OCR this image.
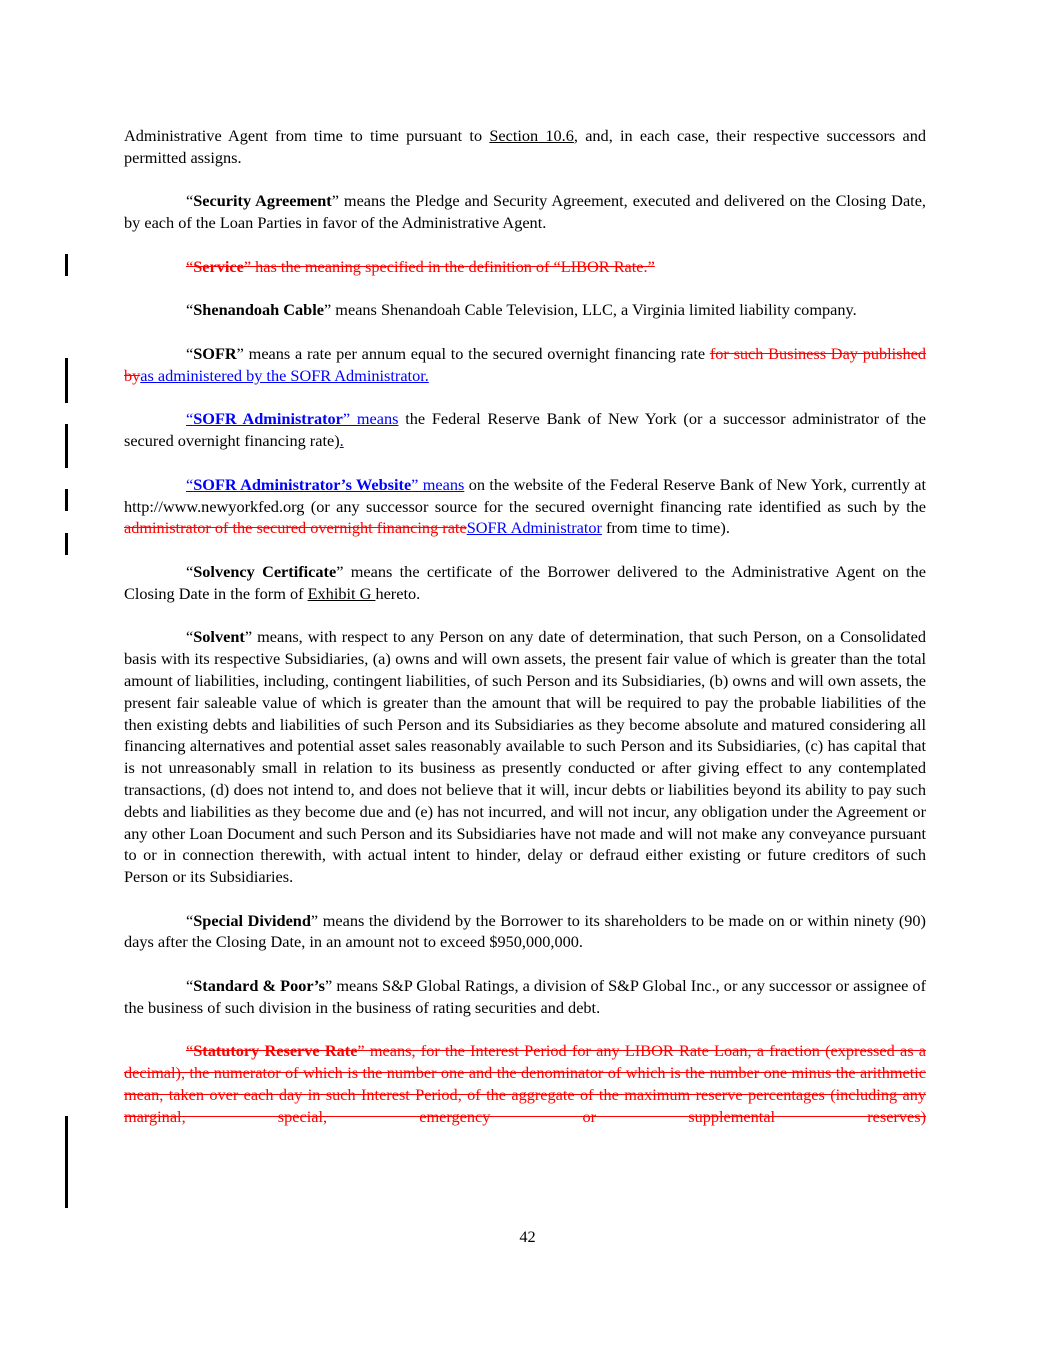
Administrative Agent from time to time pursuant to Section 10.6, and, in each case, their respective successors and permitted assigns.

“Security Agreement” means the Pledge and Security Agreement, executed and delivered on the Closing Date, by each of the Loan Parties in favor of the Administrative Agent.

“Service” has the meaning specified in the definition of “LIBOR Rate.”

“Shenandoah Cable” means Shenandoah Cable Television, LLC, a Virginia limited liability company.

“SOFR” means a rate per annum equal to the secured overnight financing rate for such Business Day published byas administered by the SOFR Administrator.

“SOFR Administrator” means the Federal Reserve Bank of New York (or a successor administrator of the secured overnight financing rate).

“SOFR Administrator’s Website” means on the website of the Federal Reserve Bank of New York, currently at http://www.newyorkfed.org (or any successor source for the secured overnight financing rate identified as such by the administrator of the secured overnight financing rateSOFR Administrator from time to time).

“Solvency Certificate” means the certificate of the Borrower delivered to the Administrative Agent on the Closing Date in the form of Exhibit G hereto.

“Solvent” means, with respect to any Person on any date of determination, that such Person, on a Consolidated basis with its respective Subsidiaries, (a) owns and will own assets, the present fair value of which is greater than the total amount of liabilities, including, contingent liabilities, of such Person and its Subsidiaries, (b) owns and will own assets, the present fair saleable value of which is greater than the amount that will be required to pay the probable liabilities of the then existing debts and liabilities of such Person and its Subsidiaries as they become absolute and matured considering all financing alternatives and potential asset sales reasonably available to such Person and its Subsidiaries, (c) has capital that is not unreasonably small in relation to its business as presently conducted or after giving effect to any contemplated transactions, (d) does not intend to, and does not believe that it will, incur debts or liabilities beyond its ability to pay such debts and liabilities as they become due and (e) has not incurred, and will not incur, any obligation under the Agreement or any other Loan Document and such Person and its Subsidiaries have not made and will not make any conveyance pursuant to or in connection therewith, with actual intent to hinder, delay or defraud either existing or future creditors of such Person or its Subsidiaries.

“Special Dividend” means the dividend by the Borrower to its shareholders to be made on or within ninety (90) days after the Closing Date, in an amount not to exceed $950,000,000.

“Standard & Poor’s” means S&P Global Ratings, a division of S&P Global Inc., or any successor or assignee of the business of such division in the business of rating securities and debt.

“Statutory Reserve Rate” means, for the Interest Period for any LIBOR Rate Loan, a fraction (expressed as a decimal), the numerator of which is the number one and the denominator of which is the number one minus the arithmetic mean, taken over each day in such Interest Period, of the aggregate of the maximum reserve percentages (including any marginal, special, emergency or supplemental reserves)

42
